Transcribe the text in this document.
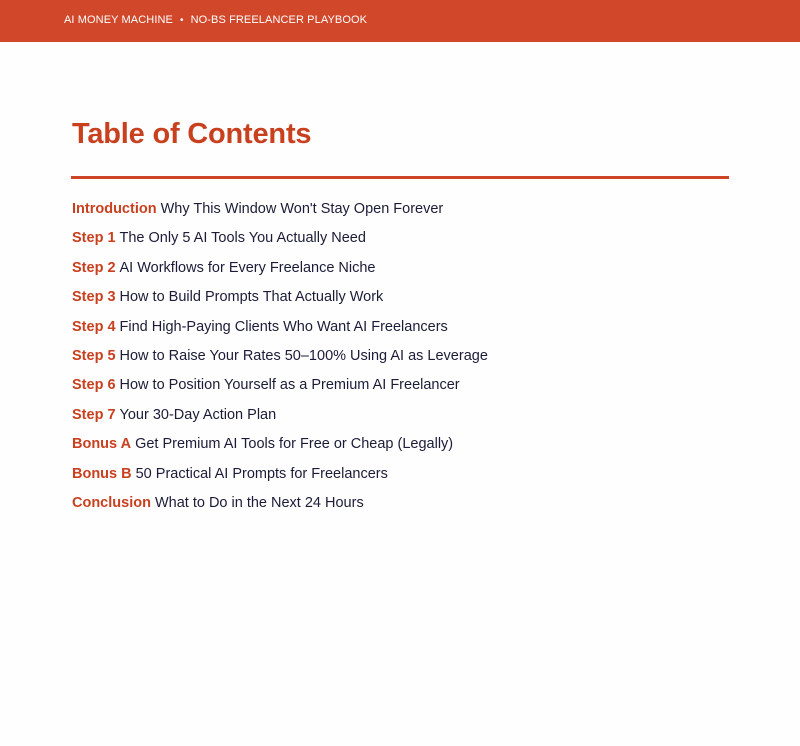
AI MONEY MACHINE • NO-BS FREELANCER PLAYBOOK
Table of Contents
Introduction Why This Window Won't Stay Open Forever
Step 1 The Only 5 AI Tools You Actually Need
Step 2 AI Workflows for Every Freelance Niche
Step 3 How to Build Prompts That Actually Work
Step 4 Find High-Paying Clients Who Want AI Freelancers
Step 5 How to Raise Your Rates 50–100% Using AI as Leverage
Step 6 How to Position Yourself as a Premium AI Freelancer
Step 7 Your 30-Day Action Plan
Bonus A Get Premium AI Tools for Free or Cheap (Legally)
Bonus B 50 Practical AI Prompts for Freelancers
Conclusion What to Do in the Next 24 Hours
